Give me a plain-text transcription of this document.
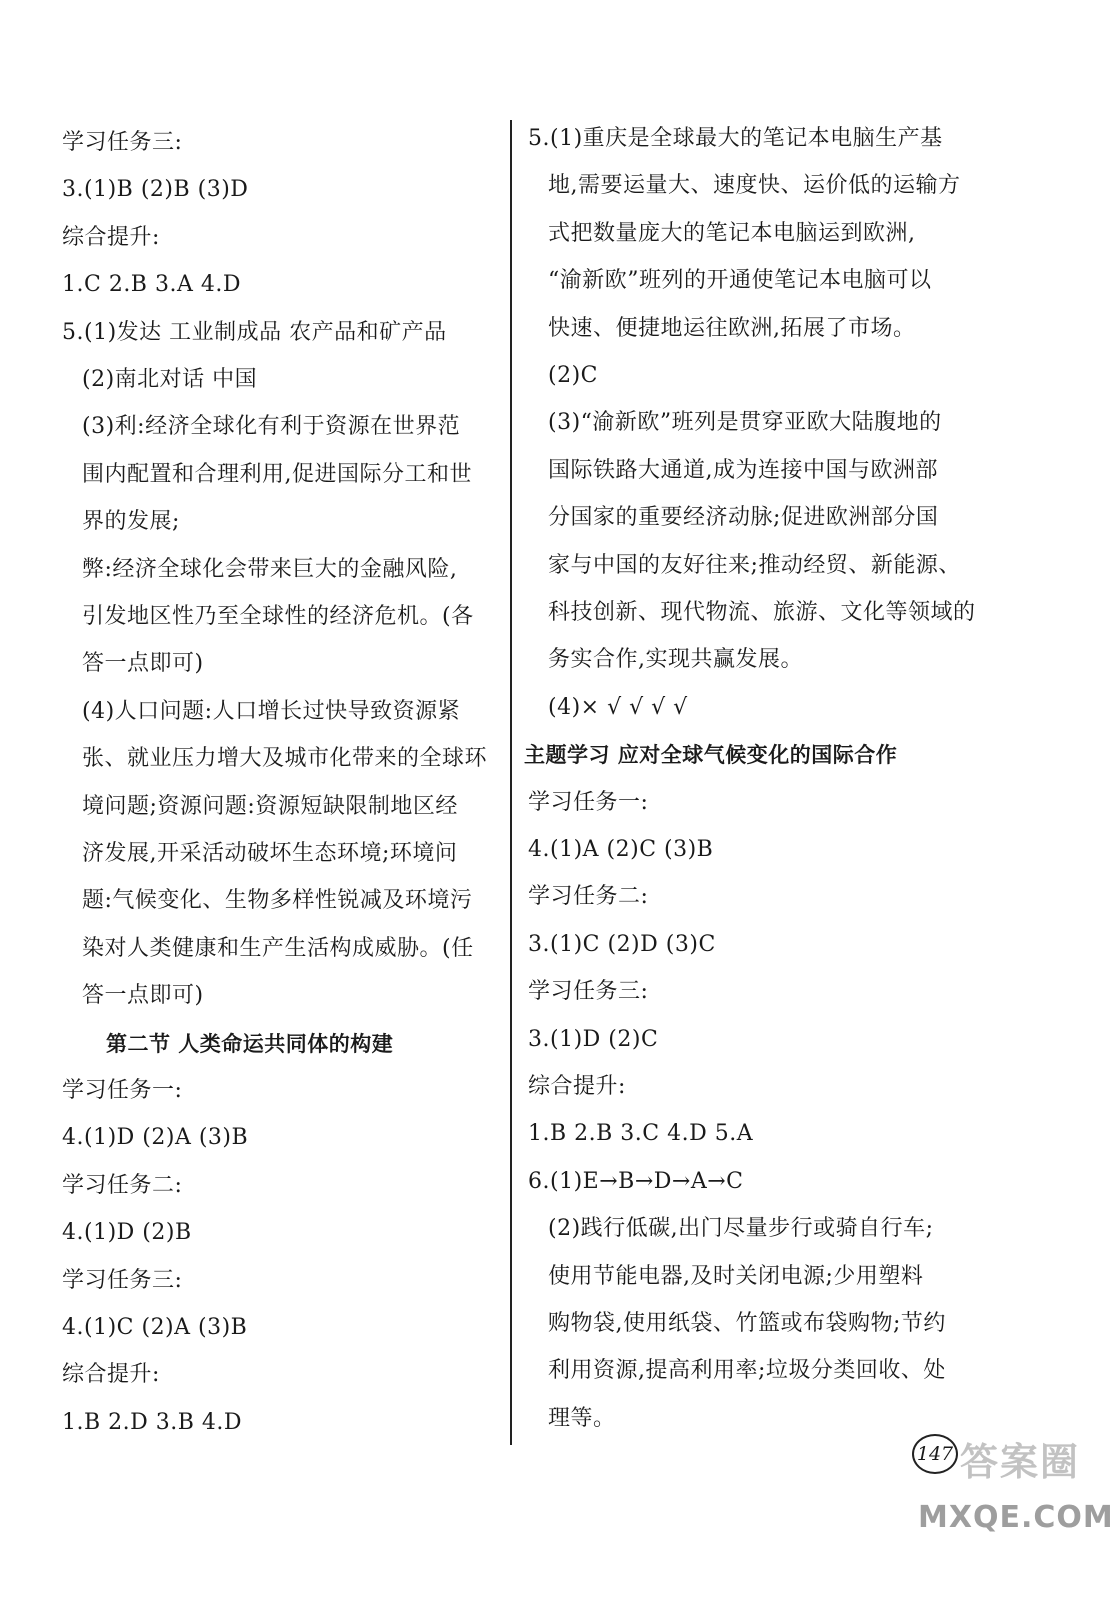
学习任务三:
3.(1)B (2)B (3)D
综合提升:
1.C 2.B 3.A 4.D
5.(1)发达 工业制成品 农产品和矿产品
(2)南北对话 中国
(3)利:经济全球化有利于资源在世界范
围内配置和合理利用,促进国际分工和世
界的发展;
弊:经济全球化会带来巨大的金融风险,
引发地区性乃至全球性的经济危机。(各
答一点即可)
(4)人口问题:人口增长过快导致资源紧
张、就业压力增大及城市化带来的全球环
境问题;资源问题:资源短缺限制地区经
济发展,开采活动破坏生态环境;环境问
题:气候变化、生物多样性锐减及环境污
染对人类健康和生产生活构成威胁。(任
答一点即可)
第二节 人类命运共同体的构建
学习任务一:
4.(1)D (2)A (3)B
学习任务二:
4.(1)D (2)B
学习任务三:
4.(1)C (2)A (3)B
综合提升:
1.B 2.D 3.B 4.D
5.(1)重庆是全球最大的笔记本电脑生产基
地,需要运量大、速度快、运价低的运输方
式把数量庞大的笔记本电脑运到欧洲,
“渝新欧”班列的开通使笔记本电脑可以
快速、便捷地运往欧洲,拓展了市场。
(2)C
(3)“渝新欧”班列是贯穿亚欧大陆腹地的
国际铁路大通道,成为连接中国与欧洲部
分国家的重要经济动脉;促进欧洲部分国
家与中国的友好往来;推动经贸、新能源、
科技创新、现代物流、旅游、文化等领域的
务实合作,实现共赢发展。
(4)× √ √ √ √
主题学习 应对全球气候变化的国际合作
学习任务一:
4.(1)A (2)C (3)B
学习任务二:
3.(1)C (2)D (3)C
学习任务三:
3.(1)D (2)C
综合提升:
1.B 2.B 3.C 4.D 5.A
6.(1)E→B→D→A→C
(2)践行低碳,出门尽量步行或骑自行车;
使用节能电器,及时关闭电源;少用塑料
购物袋,使用纸袋、竹篮或布袋购物;节约
利用资源,提高利用率;垃圾分类回收、处
理等。
147 答案圈
MXQE.COM
